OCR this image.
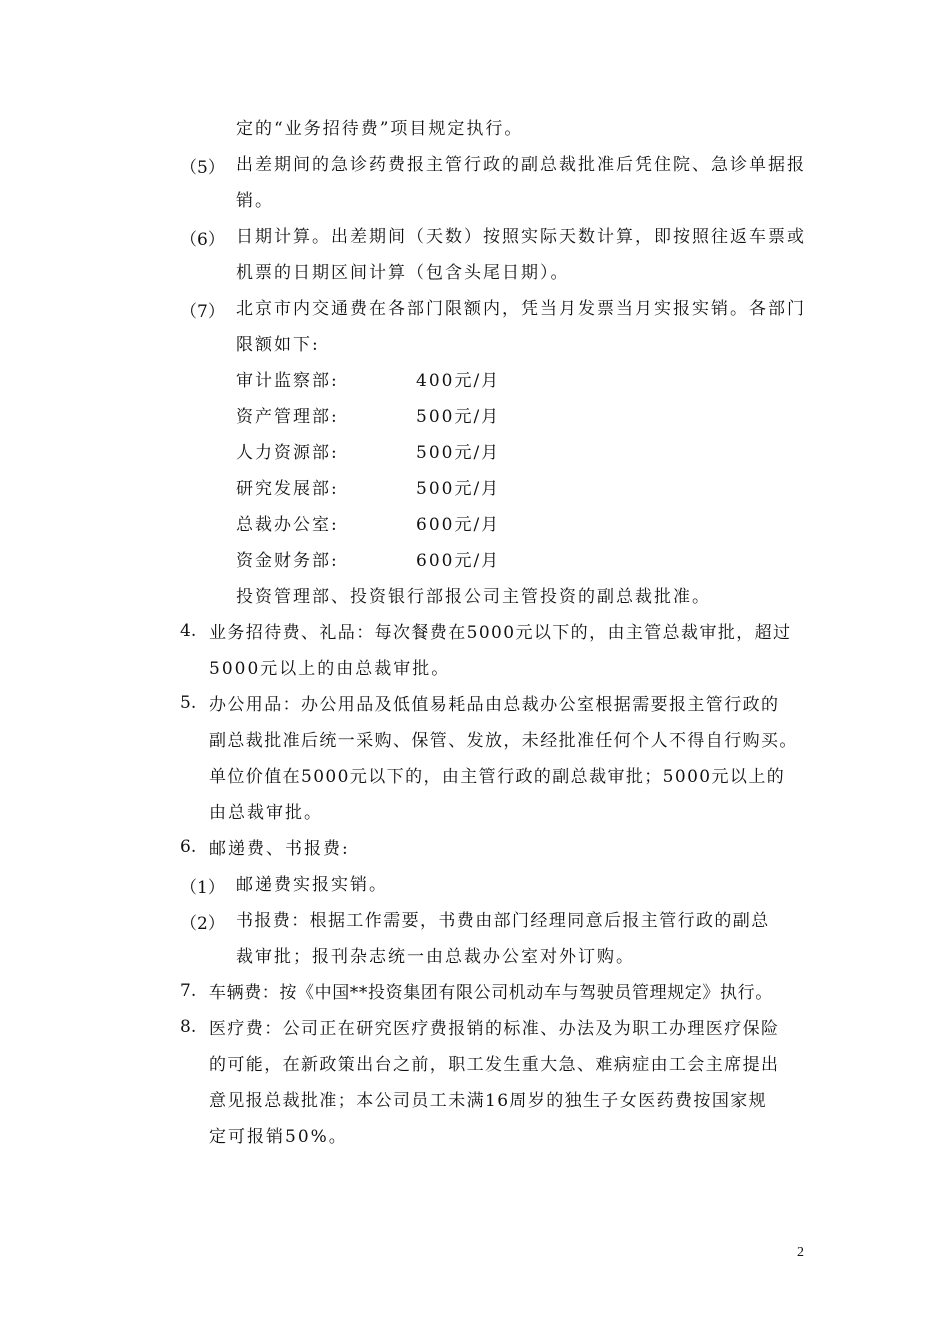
定的“业务招待费”项目规定执行。

（5） 出差期间的急诊药费报主管行政的副总裁批准后凭住院、急诊单据报

销。

（6） 日期计算。出差期间（天数）按照实际天数计算，即按照往返车票或

机票的日期区间计算（包含头尾日期）。

（7） 北京市内交通费在各部门限额内，凭当月发票当月实报实销。各部门

限额如下:

审计监察部:	400元/月
资产管理部:	500元/月
人力资源部:	500元/月
研究发展部:	500元/月
总裁办公室:	600元/月
资金财务部:	600元/月

投资管理部、投资银行部报公司主管投资的副总裁批准。

4. 业务招待费、礼品：每次餐费在5000元以下的，由主管总裁审批，超过

5000元以上的由总裁审批。

5. 办公用品：办公用品及低值易耗品由总裁办公室根据需要报主管行政的

副总裁批准后统一采购、保管、发放，未经批准任何个人不得自行购买。

单位价值在5000元以下的，由主管行政的副总裁审批；5000元以上的

由总裁审批。

6. 邮递费、书报费:

（1） 邮递费实报实销。

（2） 书报费：根据工作需要，书费由部门经理同意后报主管行政的副总

裁审批；报刊杂志统一由总裁办公室对外订购。

7. 车辆费：按《中国**投资集团有限公司机动车与驾驶员管理规定》执行。

8. 医疗费：公司正在研究医疗费报销的标准、办法及为职工办理医疗保险

的可能，在新政策出台之前，职工发生重大急、难病症由工会主席提出

意见报总裁批准；本公司员工未满16周岁的独生子女医药费按国家规

定可报销50%。

2
